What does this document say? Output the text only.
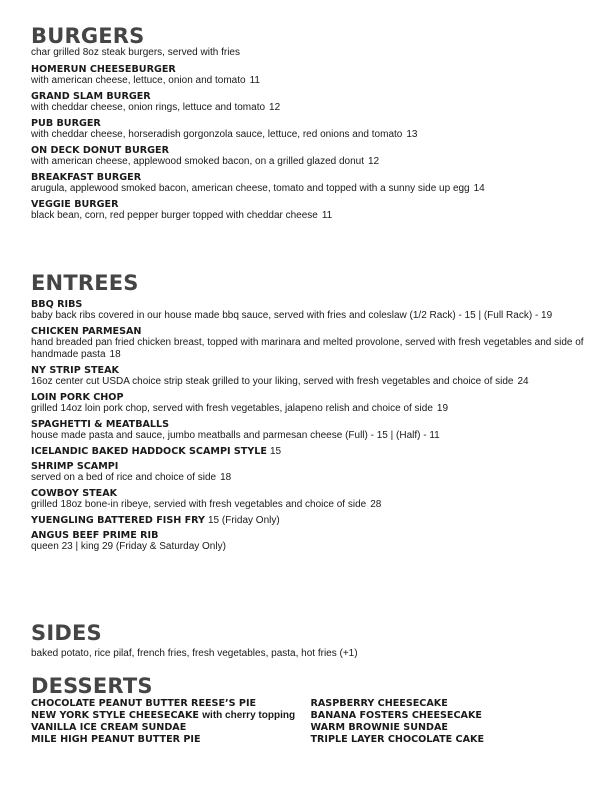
BURGERS

char grilled 8oz steak burgers, served with fries

HOMERUN CHEESEBURGER
with american cheese, lettuce, onion and tomato 11
GRAND SLAM BURGER
with cheddar cheese, onion rings, lettuce and tomato 12
PUB BURGER
with cheddar cheese, horseradish gorgonzola sauce, lettuce, red onions and tomato 13
ON DECK DONUT BURGER
with american cheese, applewood smoked bacon, on a grilled glazed donut 12
BREAKFAST BURGER
arugula, applewood smoked bacon, american cheese, tomato and topped with a sunny side up egg 14
VEGGIE BURGER
black bean, corn, red pepper burger topped with cheddar cheese 11
ENTREES
BBQ RIBS
baby back ribs covered in our house made bbq sauce, served with fries and coleslaw (1/2 Rack) - 15 | (Full Rack) - 19
CHICKEN PARMESAN
hand breaded pan fried chicken breast, topped with marinara and melted provolone, served with fresh vegetables and side of handmade pasta 18
NY STRIP STEAK
16oz center cut USDA choice strip steak grilled to your liking, served with fresh vegetables and choice of side 24
LOIN PORK CHOP
grilled 14oz loin pork chop, served with fresh vegetables, jalapeno relish and choice of side 19
SPAGHETTI & MEATBALLS
house made pasta and sauce, jumbo meatballs and parmesan cheese (Full) - 15 | (Half) - 11
ICELANDIC BAKED HADDOCK SCAMPI STYLE 15
SHRIMP SCAMPI
served on a bed of rice and choice of side 18
COWBOY STEAK
grilled 18oz bone-in ribeye, servied with fresh vegetables and choice of side 28
YUENGLING BATTERED FISH FRY 15 (Friday Only)
ANGUS BEEF PRIME RIB
queen 23 | king 29 (Friday & Saturday Only)
SIDES
baked potato, rice pilaf, french fries, fresh vegetables, pasta, hot fries (+1)
DESSERTS
CHOCOLATE PEANUT BUTTER REESE’S PIE
NEW YORK STYLE CHEESECAKE with cherry topping
VANILLA ICE CREAM SUNDAE
MILE HIGH PEANUT BUTTER PIE
RASPBERRY CHEESECAKE
BANANA FOSTERS CHEESECAKE
WARM BROWNIE SUNDAE
TRIPLE LAYER CHOCOLATE CAKE
